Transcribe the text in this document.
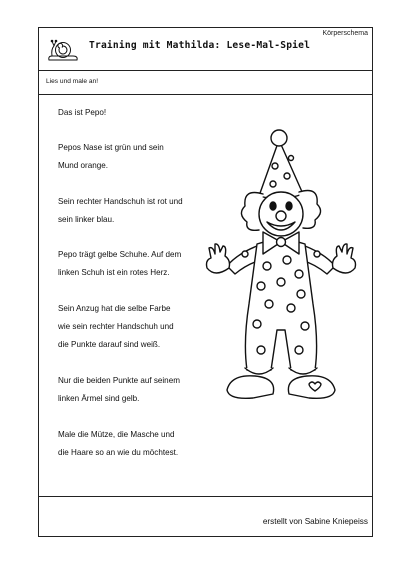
Körperschema
Training mit Mathilda: Lese-Mal-Spiel
Lies und male an!

Das ist Pepo!

Pepos Nase ist grün und sein
Mund orange.

Sein rechter Handschuh ist rot und
sein linker blau.

Pepo trägt gelbe Schuhe. Auf dem
linken Schuh ist ein rotes Herz.

Sein Anzug hat die selbe Farbe
wie sein rechter Handschuh und
die Punkte darauf sind weiß.

Nur die beiden Punkte auf seinem
linken Ärmel sind gelb.

Male die Mütze, die Masche und
die Haare so an wie du möchtest.

erstellt von Sabine Kniepeiss
